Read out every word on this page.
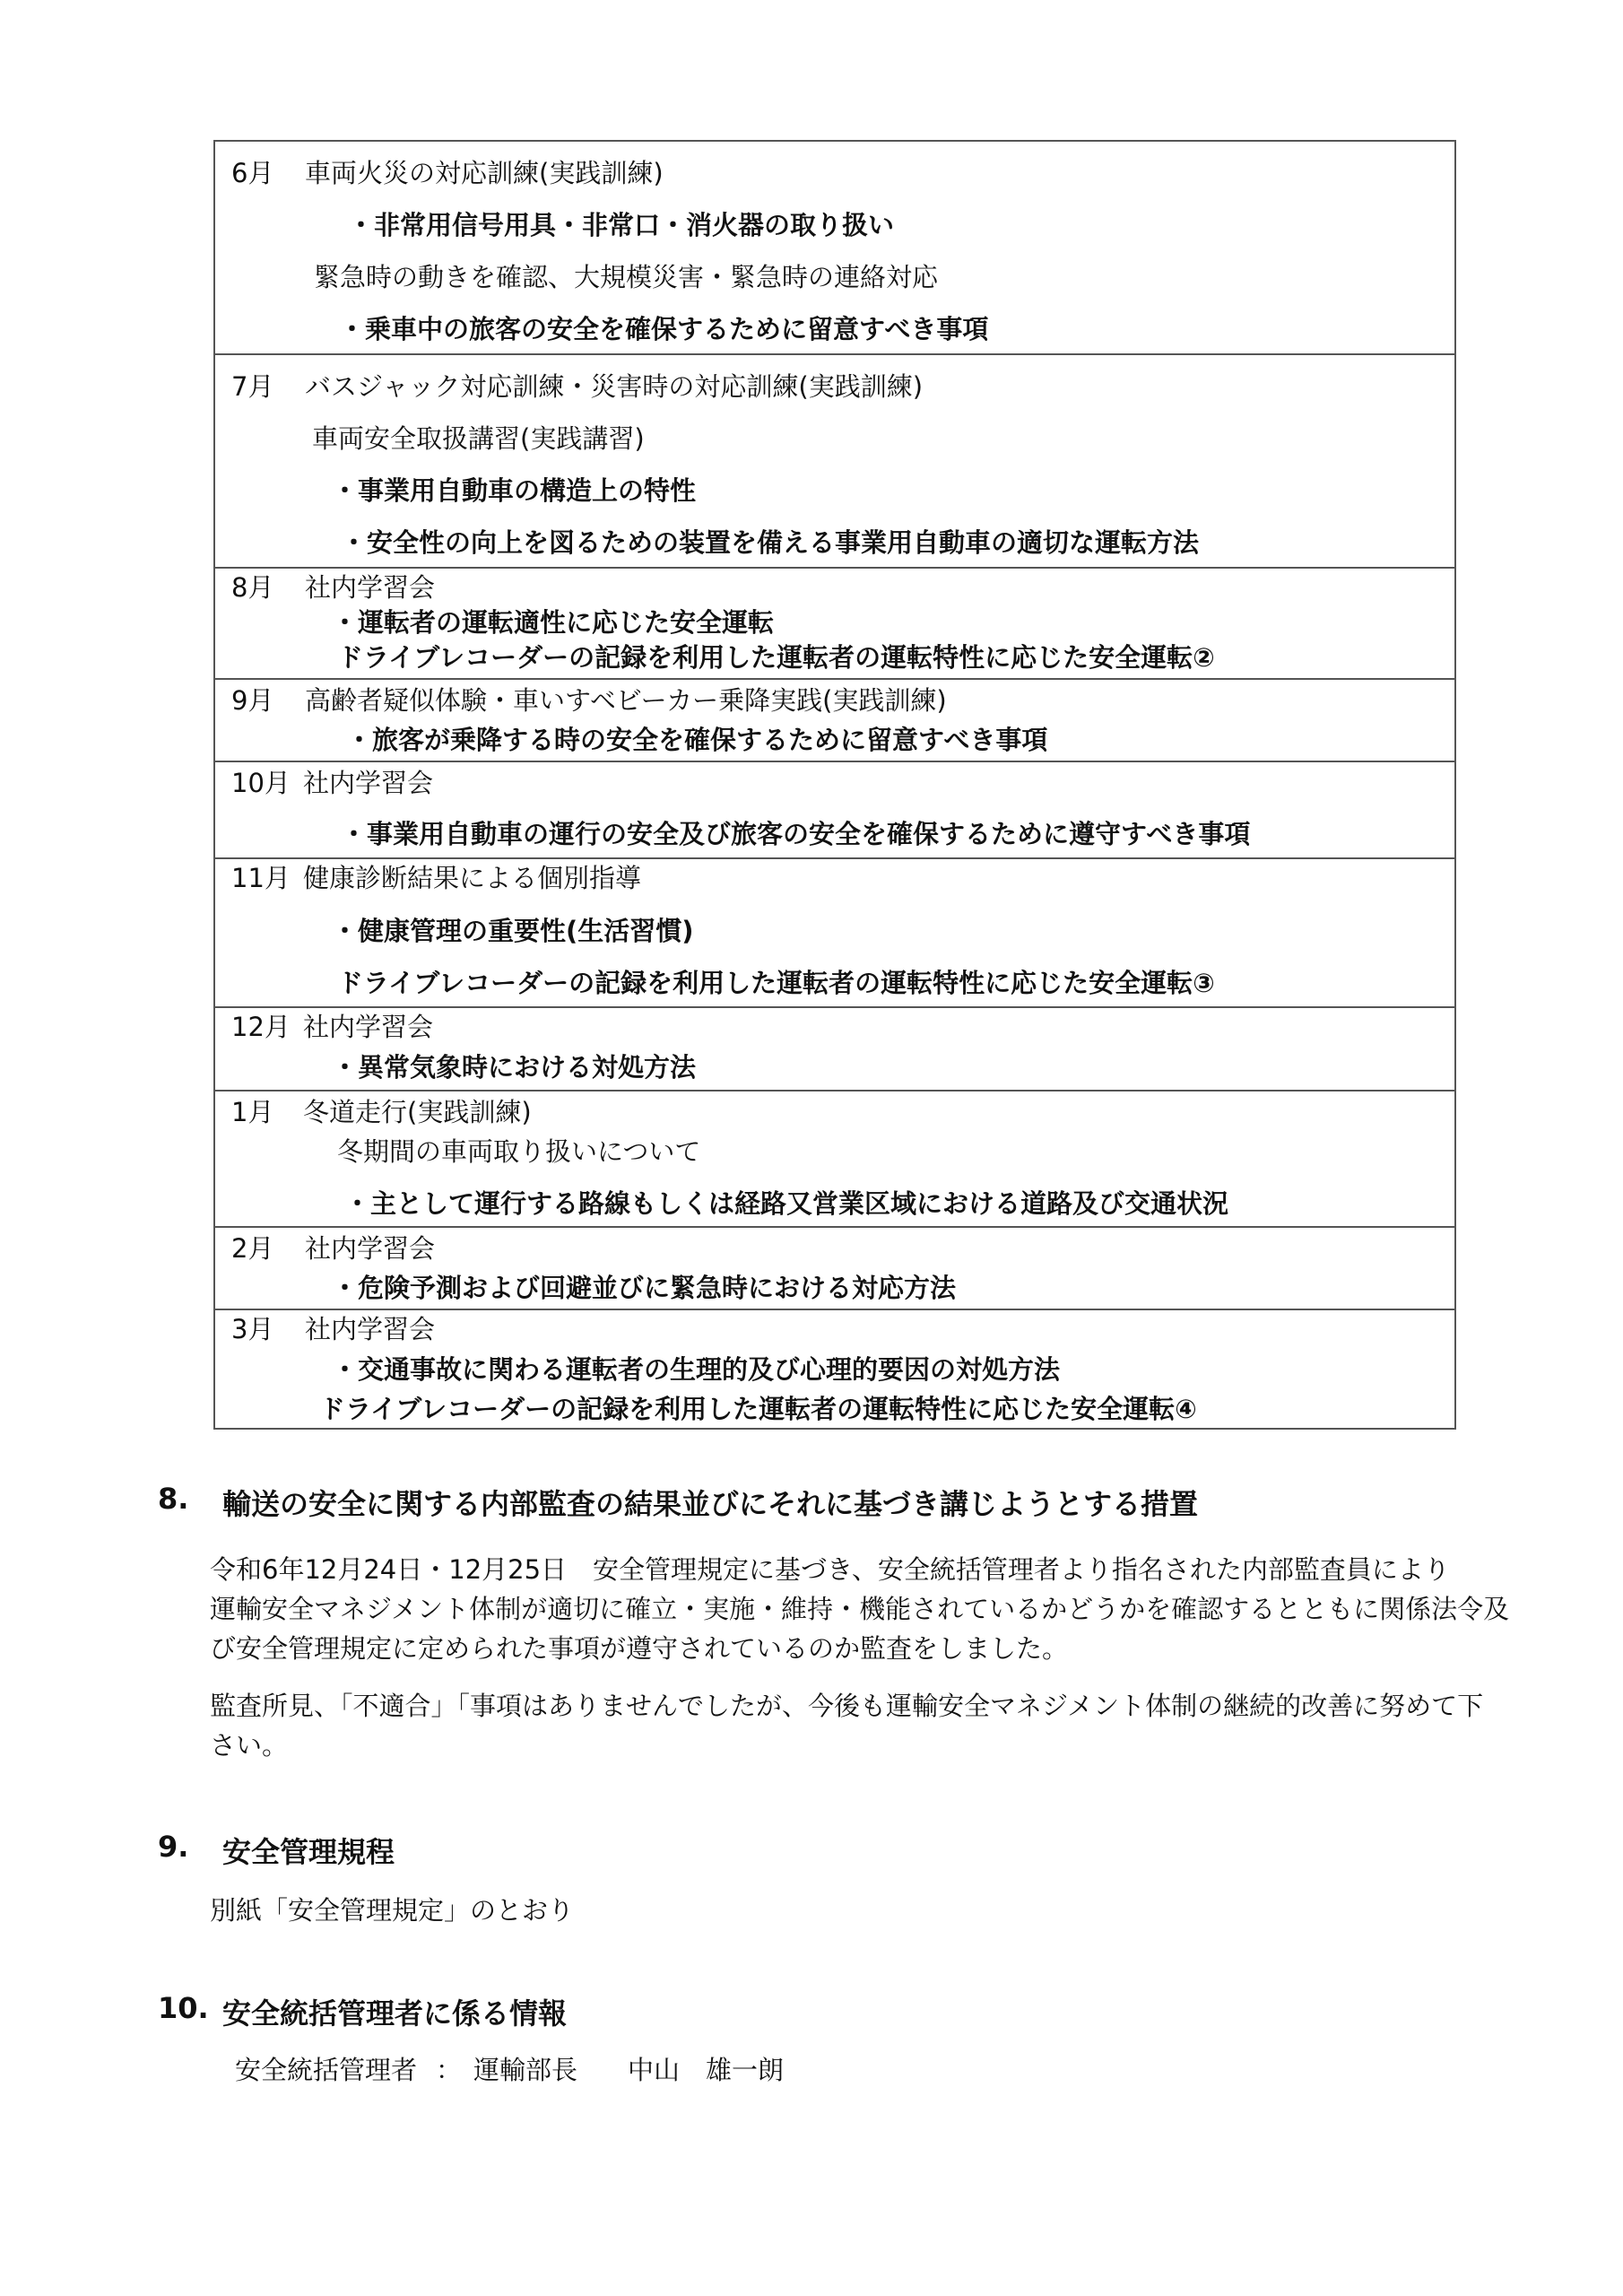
6月 車両火災の対応訓練(実践訓練)
・非常用信号用具・非常口・消火器の取り扱い
緊急時の動きを確認、大規模災害・緊急時の連絡対応
・乗車中の旅客の安全を確保するために留意すべき事項
7月 バスジャック対応訓練・災害時の対応訓練(実践訓練)
車両安全取扱講習(実践講習)
・事業用自動車の構造上の特性
・安全性の向上を図るための装置を備える事業用自動車の適切な運転方法
8月 社内学習会
・運転者の運転適性に応じた安全運転
ドライブレコーダーの記録を利用した運転者の運転特性に応じた安全運転②
9月 高齢者疑似体験・車いすベビーカー乗降実践(実践訓練)
・旅客が乗降する時の安全を確保するために留意すべき事項
10月 社内学習会
・事業用自動車の運行の安全及び旅客の安全を確保するために遵守すべき事項
11月 健康診断結果による個別指導
・健康管理の重要性(生活習慣)
ドライブレコーダーの記録を利用した運転者の運転特性に応じた安全運転③
12月 社内学習会
・異常気象時における対処方法
1月 冬道走行(実践訓練)
冬期間の車両取り扱いについて
・主として運行する路線もしくは経路又営業区域における道路及び交通状況
2月 社内学習会
・危険予測および回避並びに緊急時における対応方法
3月 社内学習会
・交通事故に関わる運転者の生理的及び心理的要因の対処方法
ドライブレコーダーの記録を利用した運転者の運転特性に応じた安全運転④
8. 輸送の安全に関する内部監査の結果並びにそれに基づき講じようとする措置
令和6年12月24日・12月25日　安全管理規定に基づき、安全統括管理者より指名された内部監査員により
運輸安全マネジメント体制が適切に確立・実施・維持・機能されているかどうかを確認するとともに関係法令及
び安全管理規定に定められた事項が遵守されているのか監査をしました。
監査所見、「不適合」「事項はありませんでしたが、今後も運輸安全マネジメント体制の継続的改善に努めて下
さい。
9. 安全管理規程
別紙「安全管理規定」のとおり
10. 安全統括管理者に係る情報
安全統括管理者 ： 運輸部長 中山　雄一朗
